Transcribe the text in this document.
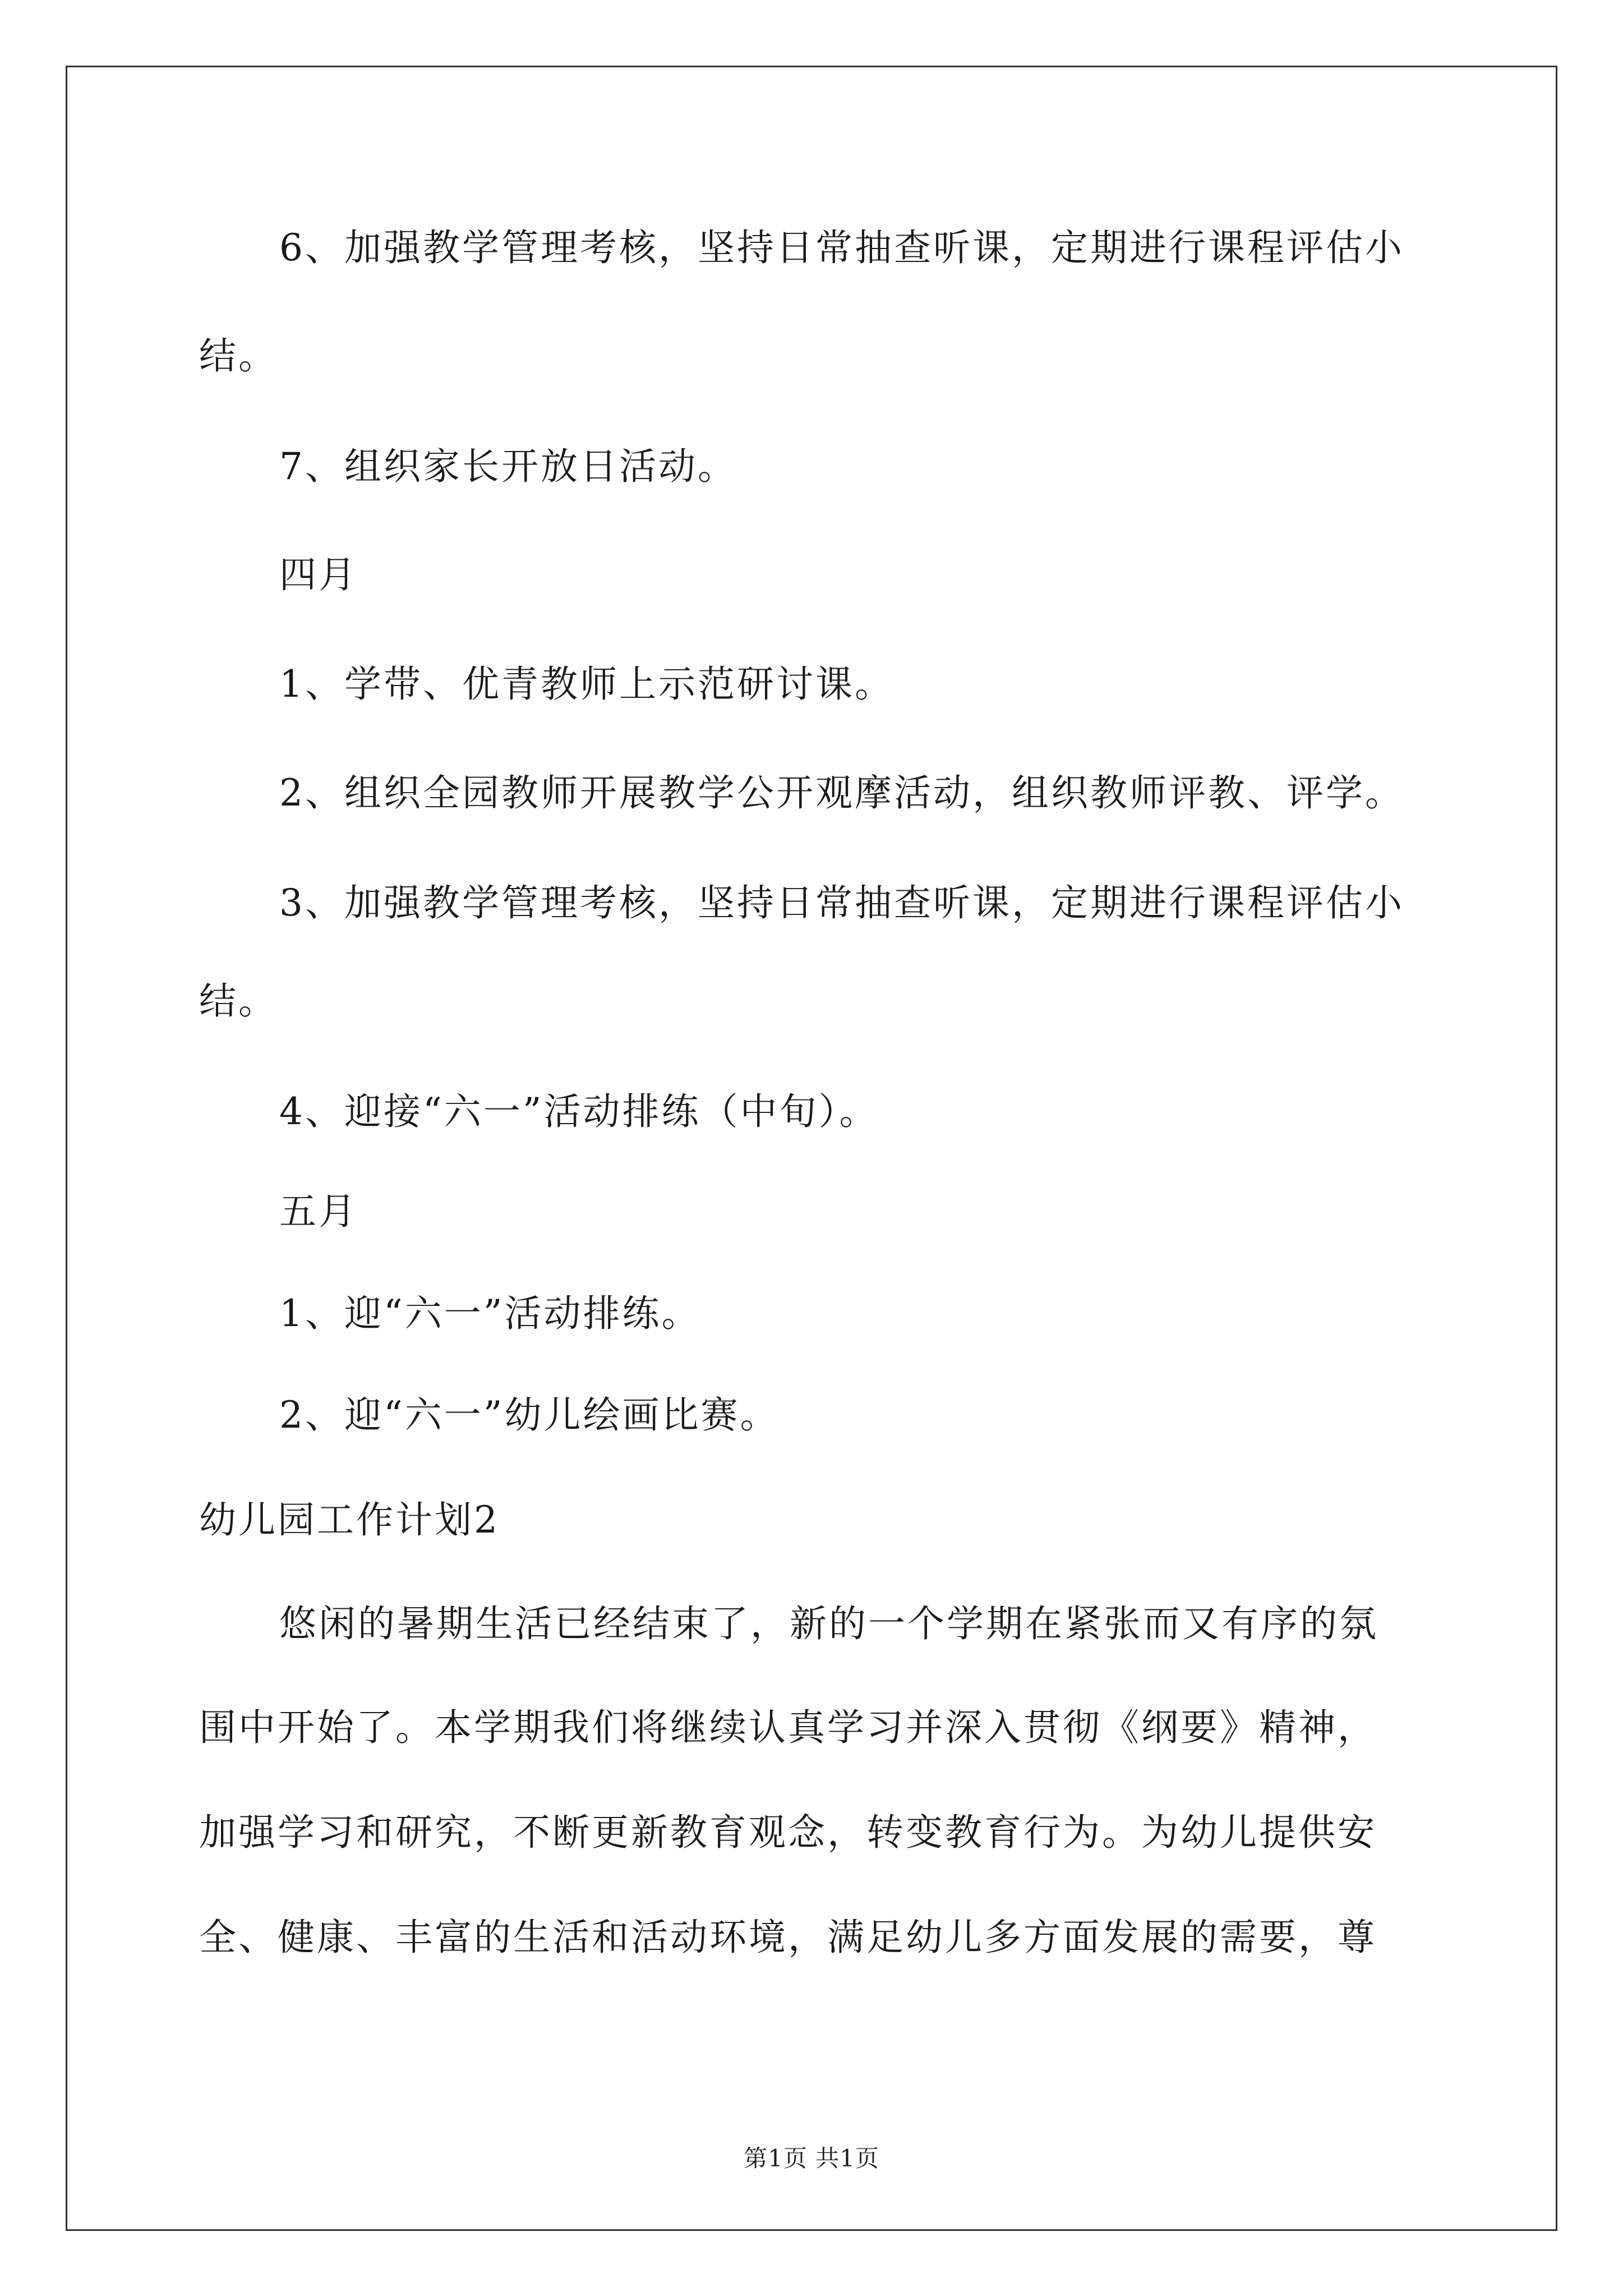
6、加强教学管理考核，坚持日常抽查听课，定期进行课程评估小
结。
7、组织家长开放日活动。
四月
1、学带、优青教师上示范研讨课。
2、组织全园教师开展教学公开观摩活动，组织教师评教、评学。
3、加强教学管理考核，坚持日常抽查听课，定期进行课程评估小
结。
4、迎接“六一”活动排练（中旬）。
五月
1、迎“六一”活动排练。
2、迎“六一”幼儿绘画比赛。
幼儿园工作计划2
悠闲的暑期生活已经结束了，新的一个学期在紧张而又有序的氛
围中开始了。本学期我们将继续认真学习并深入贯彻《纲要》精神，
加强学习和研究，不断更新教育观念，转变教育行为。为幼儿提供安
全、健康、丰富的生活和活动环境，满足幼儿多方面发展的需要，尊
第1页 共1页
